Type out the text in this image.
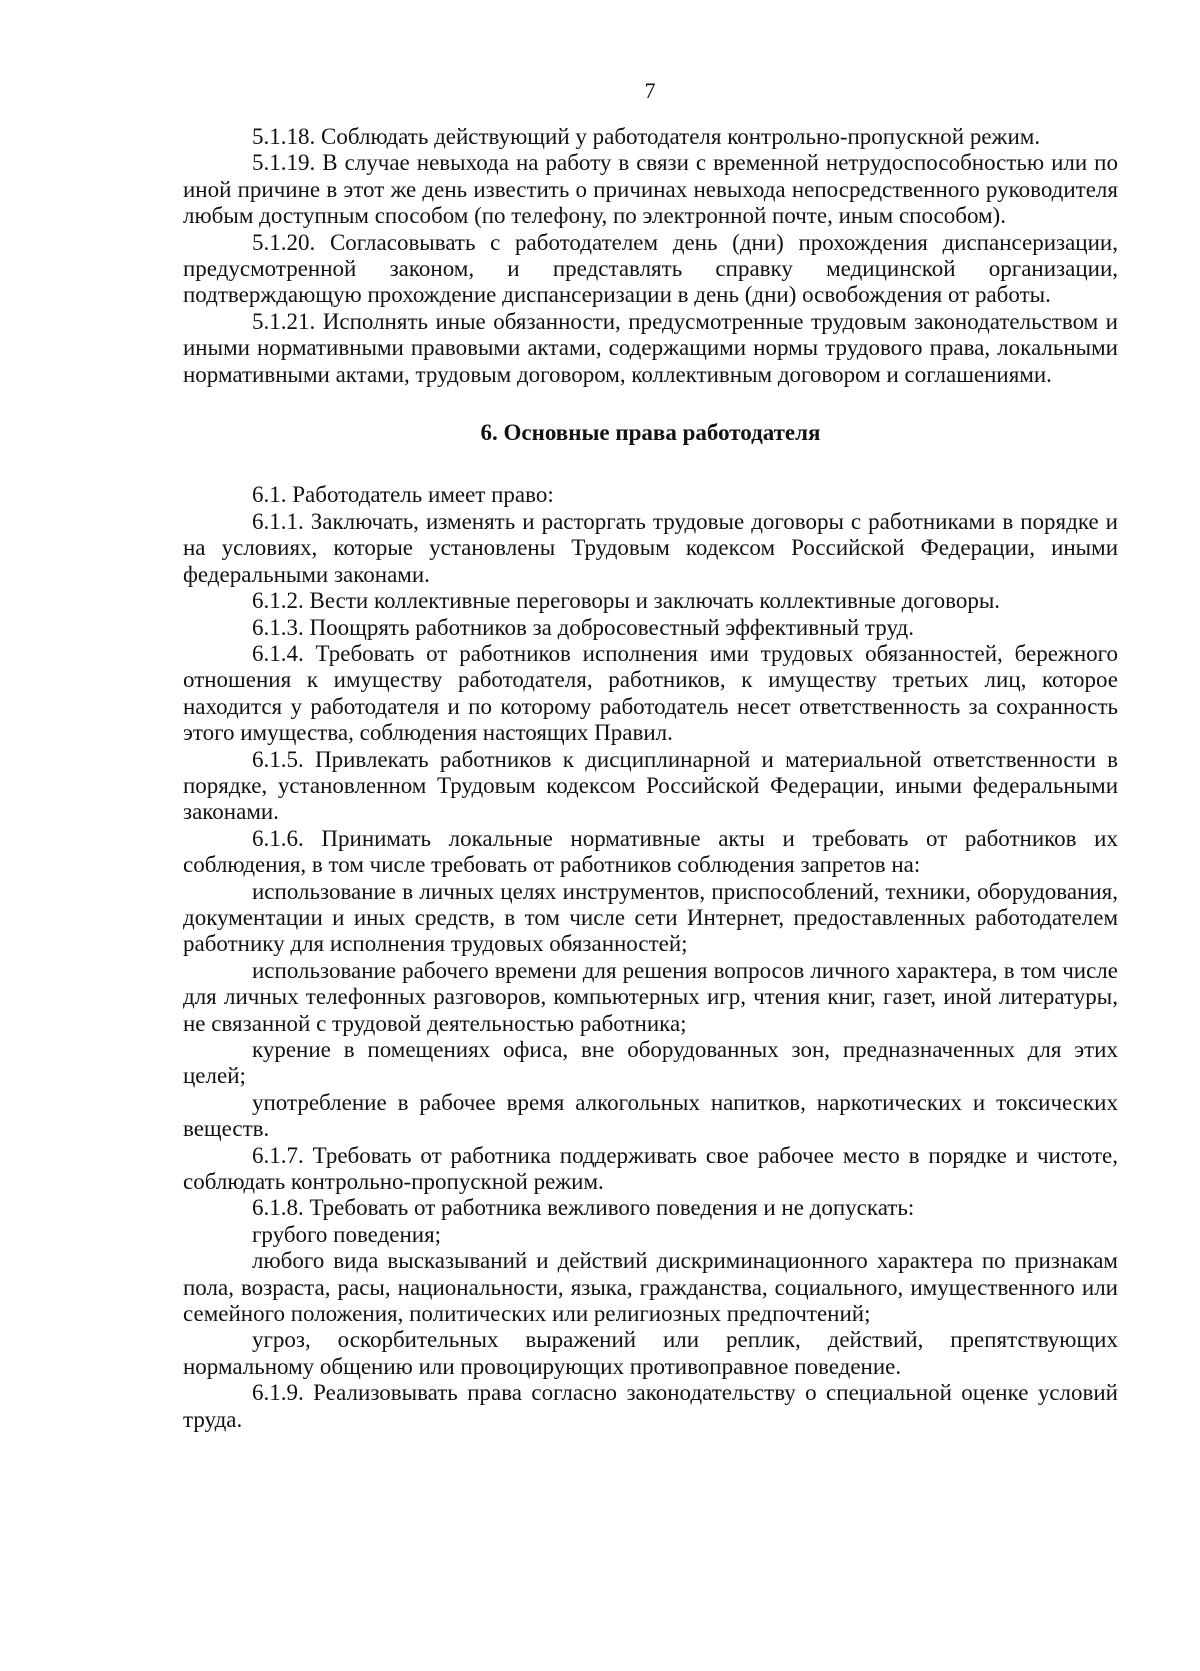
7

5.1.18. Соблюдать действующий у работодателя контрольно-пропускной режим.

5.1.19. В случае невыхода на работу в связи с временной нетрудоспособностью или по иной причине в этот же день известить о причинах невыхода непосредственного руководителя любым доступным способом (по телефону, по электронной почте, иным способом).

5.1.20. Согласовывать с работодателем день (дни) прохождения диспансеризации, предусмотренной законом, и представлять справку медицинской организации, подтверждающую прохождение диспансеризации в день (дни) освобождения от работы.

5.1.21. Исполнять иные обязанности, предусмотренные трудовым законодательством и иными нормативными правовыми актами, содержащими нормы трудового права, локальными нормативными актами, трудовым договором, коллективным договором и соглашениями.

6. Основные права работодателя

6.1. Работодатель имеет право:

6.1.1. Заключать, изменять и расторгать трудовые договоры с работниками в порядке и на условиях, которые установлены Трудовым кодексом Российской Федерации, иными федеральными законами.

6.1.2. Вести коллективные переговоры и заключать коллективные договоры.

6.1.3. Поощрять работников за добросовестный эффективный труд.

6.1.4. Требовать от работников исполнения ими трудовых обязанностей, бережного отношения к имуществу работодателя, работников, к имуществу третьих лиц, которое находится у работодателя и по которому работодатель несет ответственность за сохранность этого имущества, соблюдения настоящих Правил.

6.1.5. Привлекать работников к дисциплинарной и материальной ответственности в порядке, установленном Трудовым кодексом Российской Федерации, иными федеральными законами.

6.1.6. Принимать локальные нормативные акты и требовать от работников их соблюдения, в том числе требовать от работников соблюдения запретов на:

использование в личных целях инструментов, приспособлений, техники, оборудования, документации и иных средств, в том числе сети Интернет, предоставленных работодателем работнику для исполнения трудовых обязанностей;

использование рабочего времени для решения вопросов личного характера, в том числе для личных телефонных разговоров, компьютерных игр, чтения книг, газет, иной литературы, не связанной с трудовой деятельностью работника;

курение в помещениях офиса, вне оборудованных зон, предназначенных для этих целей;

употребление в рабочее время алкогольных напитков, наркотических и токсических веществ.

6.1.7. Требовать от работника поддерживать свое рабочее место в порядке и чистоте, соблюдать контрольно-пропускной режим.

6.1.8. Требовать от работника вежливого поведения и не допускать:

грубого поведения;

любого вида высказываний и действий дискриминационного характера по признакам пола, возраста, расы, национальности, языка, гражданства, социального, имущественного или семейного положения, политических или религиозных предпочтений;

угроз, оскорбительных выражений или реплик, действий, препятствующих нормальному общению или провоцирующих противоправное поведение.

6.1.9. Реализовывать права согласно законодательству о специальной оценке условий труда.
